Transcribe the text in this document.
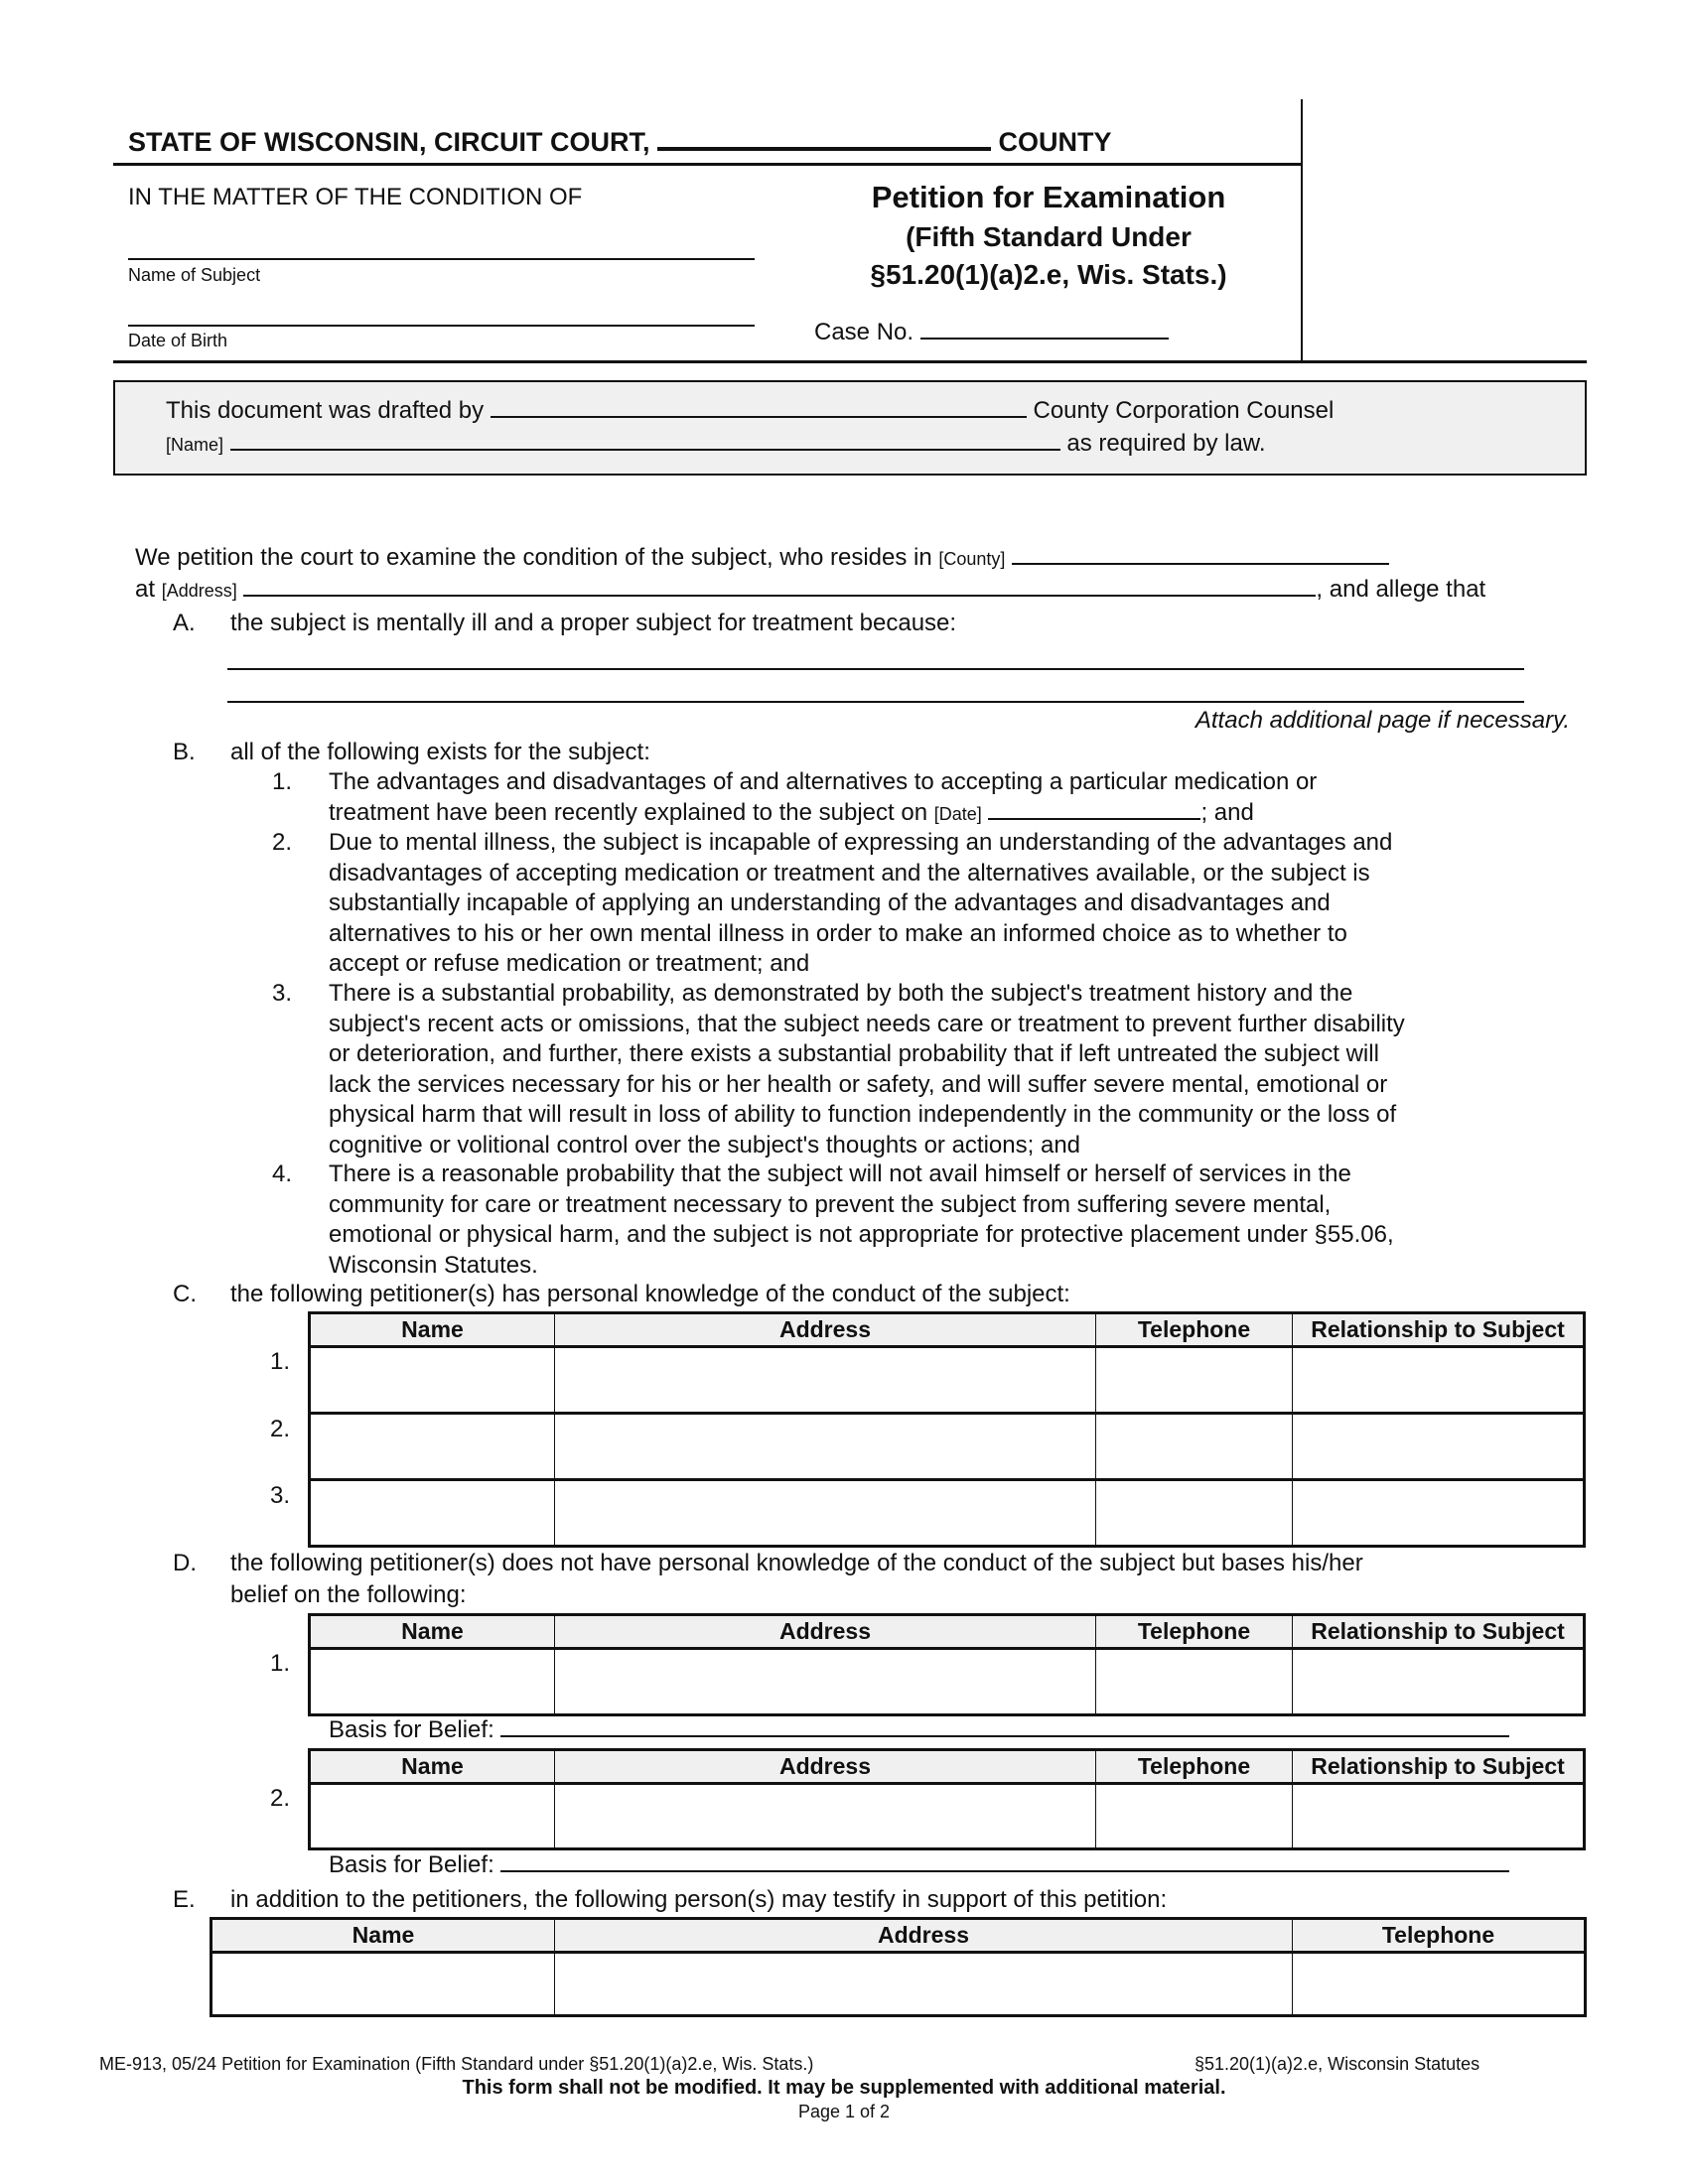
STATE OF WISCONSIN, CIRCUIT COURT,	COUNTY
IN THE MATTER OF THE CONDITION OF
Name of Subject
Date of Birth
Petition for Examination
(Fifth Standard Under
§51.20(1)(a)2.e, Wis. Stats.)
Case No.
This document was drafted by	County Corporation Counsel
[Name]	as required by law.
We petition the court to examine the condition of the subject, who resides in [County]
at [Address]	, and allege that
A. the subject is mentally ill and a proper subject for treatment because:
Attach additional page if necessary.
B. all of the following exists for the subject:
1. The advantages and disadvantages of and alternatives to accepting a particular medication or
treatment have been recently explained to the subject on [Date]	; and
2. Due to mental illness, the subject is incapable of expressing an understanding of the advantages and
disadvantages of accepting medication or treatment and the alternatives available, or the subject is
substantially incapable of applying an understanding of the advantages and disadvantages and
alternatives to his or her own mental illness in order to make an informed choice as to whether to
accept or refuse medication or treatment; and
3. There is a substantial probability, as demonstrated by both the subject's treatment history and the
subject's recent acts or omissions, that the subject needs care or treatment to prevent further disability
or deterioration, and further, there exists a substantial probability that if left untreated the subject will
lack the services necessary for his or her health or safety, and will suffer severe mental, emotional or
physical harm that will result in loss of ability to function independently in the community or the loss of
cognitive or volitional control over the subject's thoughts or actions; and
4. There is a reasonable probability that the subject will not avail himself or herself of services in the
community for care or treatment necessary to prevent the subject from suffering severe mental,
emotional or physical harm, and the subject is not appropriate for protective placement under §55.06,
Wisconsin Statutes.
C. the following petitioner(s) has personal knowledge of the conduct of the subject:
Name	Address	Telephone	Relationship to Subject

1.
2.
3.
D. the following petitioner(s) does not have personal knowledge of the conduct of the subject but bases his/her
belief on the following:
Name	Address	Telephone	Relationship to Subject

1.
Basis for Belief:
Name	Address	Telephone	Relationship to Subject

2.
Basis for Belief:
E. in addition to the petitioners, the following person(s) may testify in support of this petition:
Name	Address	Telephone

ME-913, 05/24 Petition for Examination (Fifth Standard under §51.20(1)(a)2.e, Wis. Stats.)	§51.20(1)(a)2.e, Wisconsin Statutes
This form shall not be modified. It may be supplemented with additional material.
Page 1 of 2
